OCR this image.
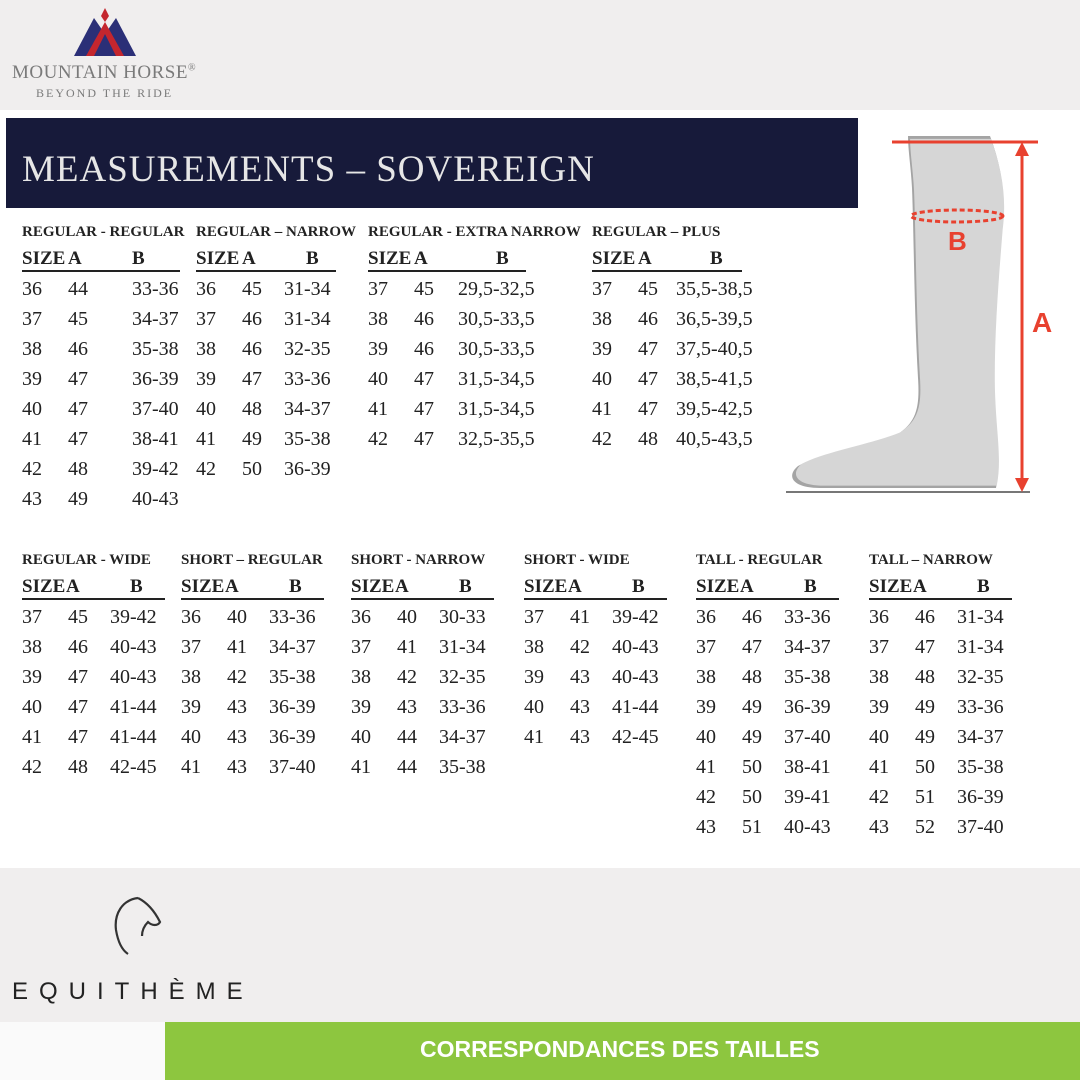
MOUNTAIN HORSE®
BEYOND THE RIDE
MEASUREMENTS – SOVEREIGN
REGULAR - REGULAR
SIZE A	B
36 44 33-36
37 45 34-37
38 46 35-38
39 47 36-39
40 47 37-40
41 47 38-41
42 48 39-42
43 49 40-43
REGULAR – NARROW
SIZE A	B
36 45 31-34
37 46 31-34
38 46 32-35
39 47 33-36
40 48 34-37
41 49 35-38
42 50 36-39
REGULAR - EXTRA NARROW
SIZE A	B
37 45 29,5-32,5
38 46 30,5-33,5
39 46 30,5-33,5
40 47 31,5-34,5
41 47 31,5-34,5
42 47 32,5-35,5
REGULAR – PLUS
SIZE A	B
37 45 35,5-38,5
38 46 36,5-39,5
39 47 37,5-40,5
40 47 38,5-41,5
41 47 39,5-42,5
42 48 40,5-43,5
REGULAR - WIDE
SIZE A	B
37 45 39-42
38 46 40-43
39 47 40-43
40 47 41-44
41 47 41-44
42 48 42-45
SHORT – REGULAR
SIZE A	B
36 40 33-36
37 41 34-37
38 42 35-38
39 43 36-39
40 43 36-39
41 43 37-40
SHORT - NARROW
SIZE A	B
36 40 30-33
37 41 31-34
38 42 32-35
39 43 33-36
40 44 34-37
41 44 35-38
SHORT - WIDE
SIZE A	B
37 41 39-42
38 42 40-43
39 43 40-43
40 43 41-44
41 43 42-45
TALL - REGULAR
SIZE A	B
36 46 33-36
37 47 34-37
38 48 35-38
39 49 36-39
40 49 37-40
41 50 38-41
42 50 39-41
43 51 40-43
TALL – NARROW
SIZE A	B
36 46 31-34
37 47 31-34
38 48 32-35
39 49 33-36
40 49 34-37
41 50 35-38
42 51 36-39
43 52 37-40
B
A
EQUITHÈME
CORRESPONDANCES DES TAILLES
